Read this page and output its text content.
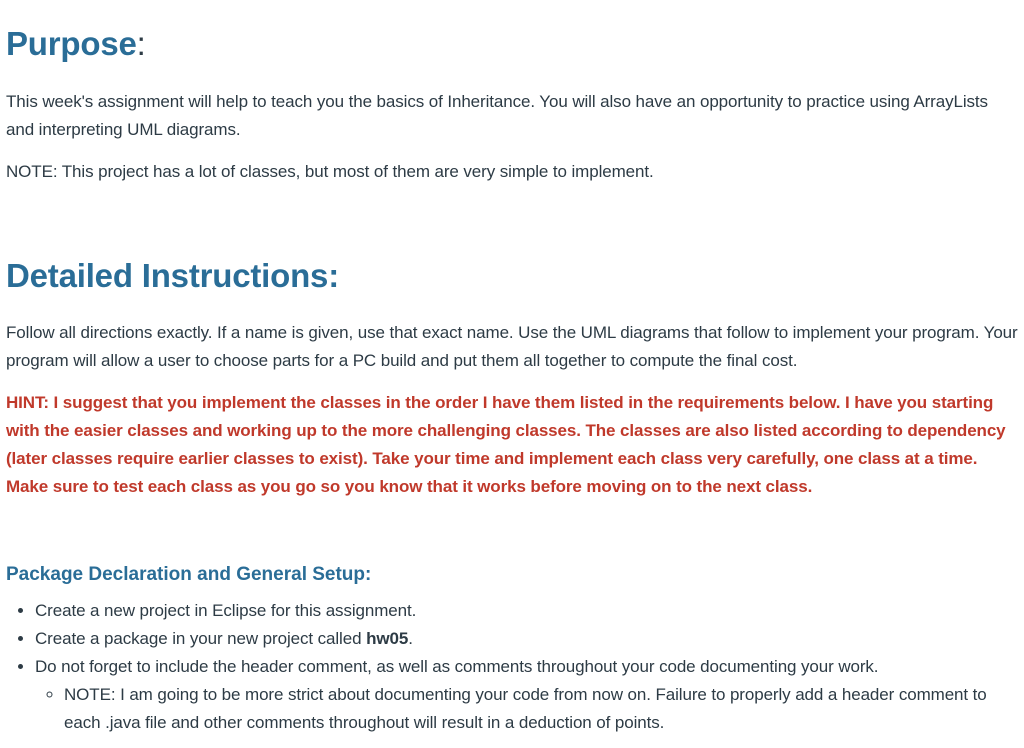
Purpose:

This week's assignment will help to teach you the basics of Inheritance. You will also have an opportunity to practice using ArrayLists and interpreting UML diagrams.

NOTE: This project has a lot of classes, but most of them are very simple to implement.

Detailed Instructions:

Follow all directions exactly. If a name is given, use that exact name. Use the UML diagrams that follow to implement your program. Your program will allow a user to choose parts for a PC build and put them all together to compute the final cost.

HINT: I suggest that you implement the classes in the order I have them listed in the requirements below. I have you starting with the easier classes and working up to the more challenging classes. The classes are also listed according to dependency (later classes require earlier classes to exist). Take your time and implement each class very carefully, one class at a time. Make sure to test each class as you go so you know that it works before moving on to the next class.

Package Declaration and General Setup:
• Create a new project in Eclipse for this assignment.
• Create a package in your new project called hw05.
• Do not forget to include the header comment, as well as comments throughout your code documenting your work.
◦ NOTE: I am going to be more strict about documenting your code from now on. Failure to properly add a header comment to each .java file and other comments throughout will result in a deduction of points.
